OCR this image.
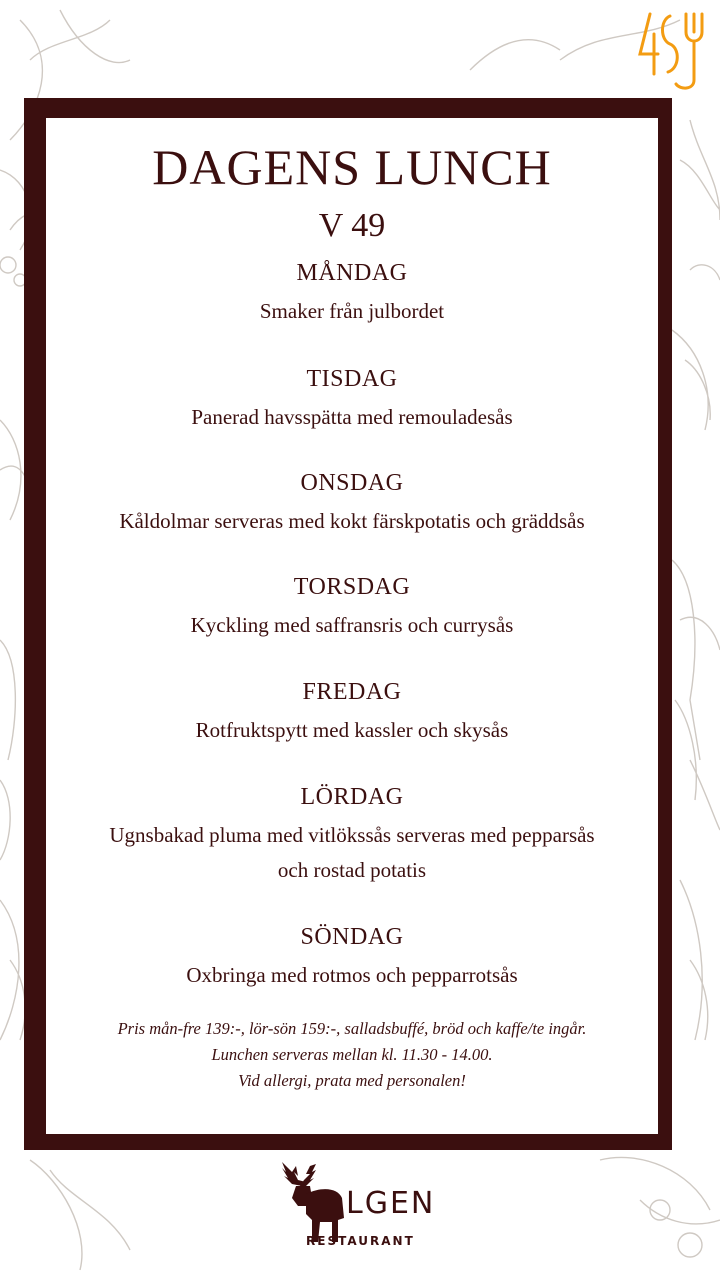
DAGENS LUNCH
V 49
MÅNDAG
Smaker från julbordet
TISDAG
Panerad havsspätta med remouladesås
ONSDAG
Kåldolmar serveras med kokt färskpotatis och gräddsås
TORSDAG
Kyckling med saffransris och currysås
FREDAG
Rotfruktspytt med kassler och skysås
LÖRDAG
Ugnsbakad pluma med vitlökssås serveras med pepparsås
och rostad potatis
SÖNDAG
Oxbringa med rotmos och pepparrotsås
Pris mån-fre 139:-, lör-sön 159:-, salladsbuffé, bröd och kaffe/te ingår.
Lunchen serveras mellan kl. 11.30 - 14.00.
Vid allergi, prata med personalen!
LGEN
RESTAURANT
